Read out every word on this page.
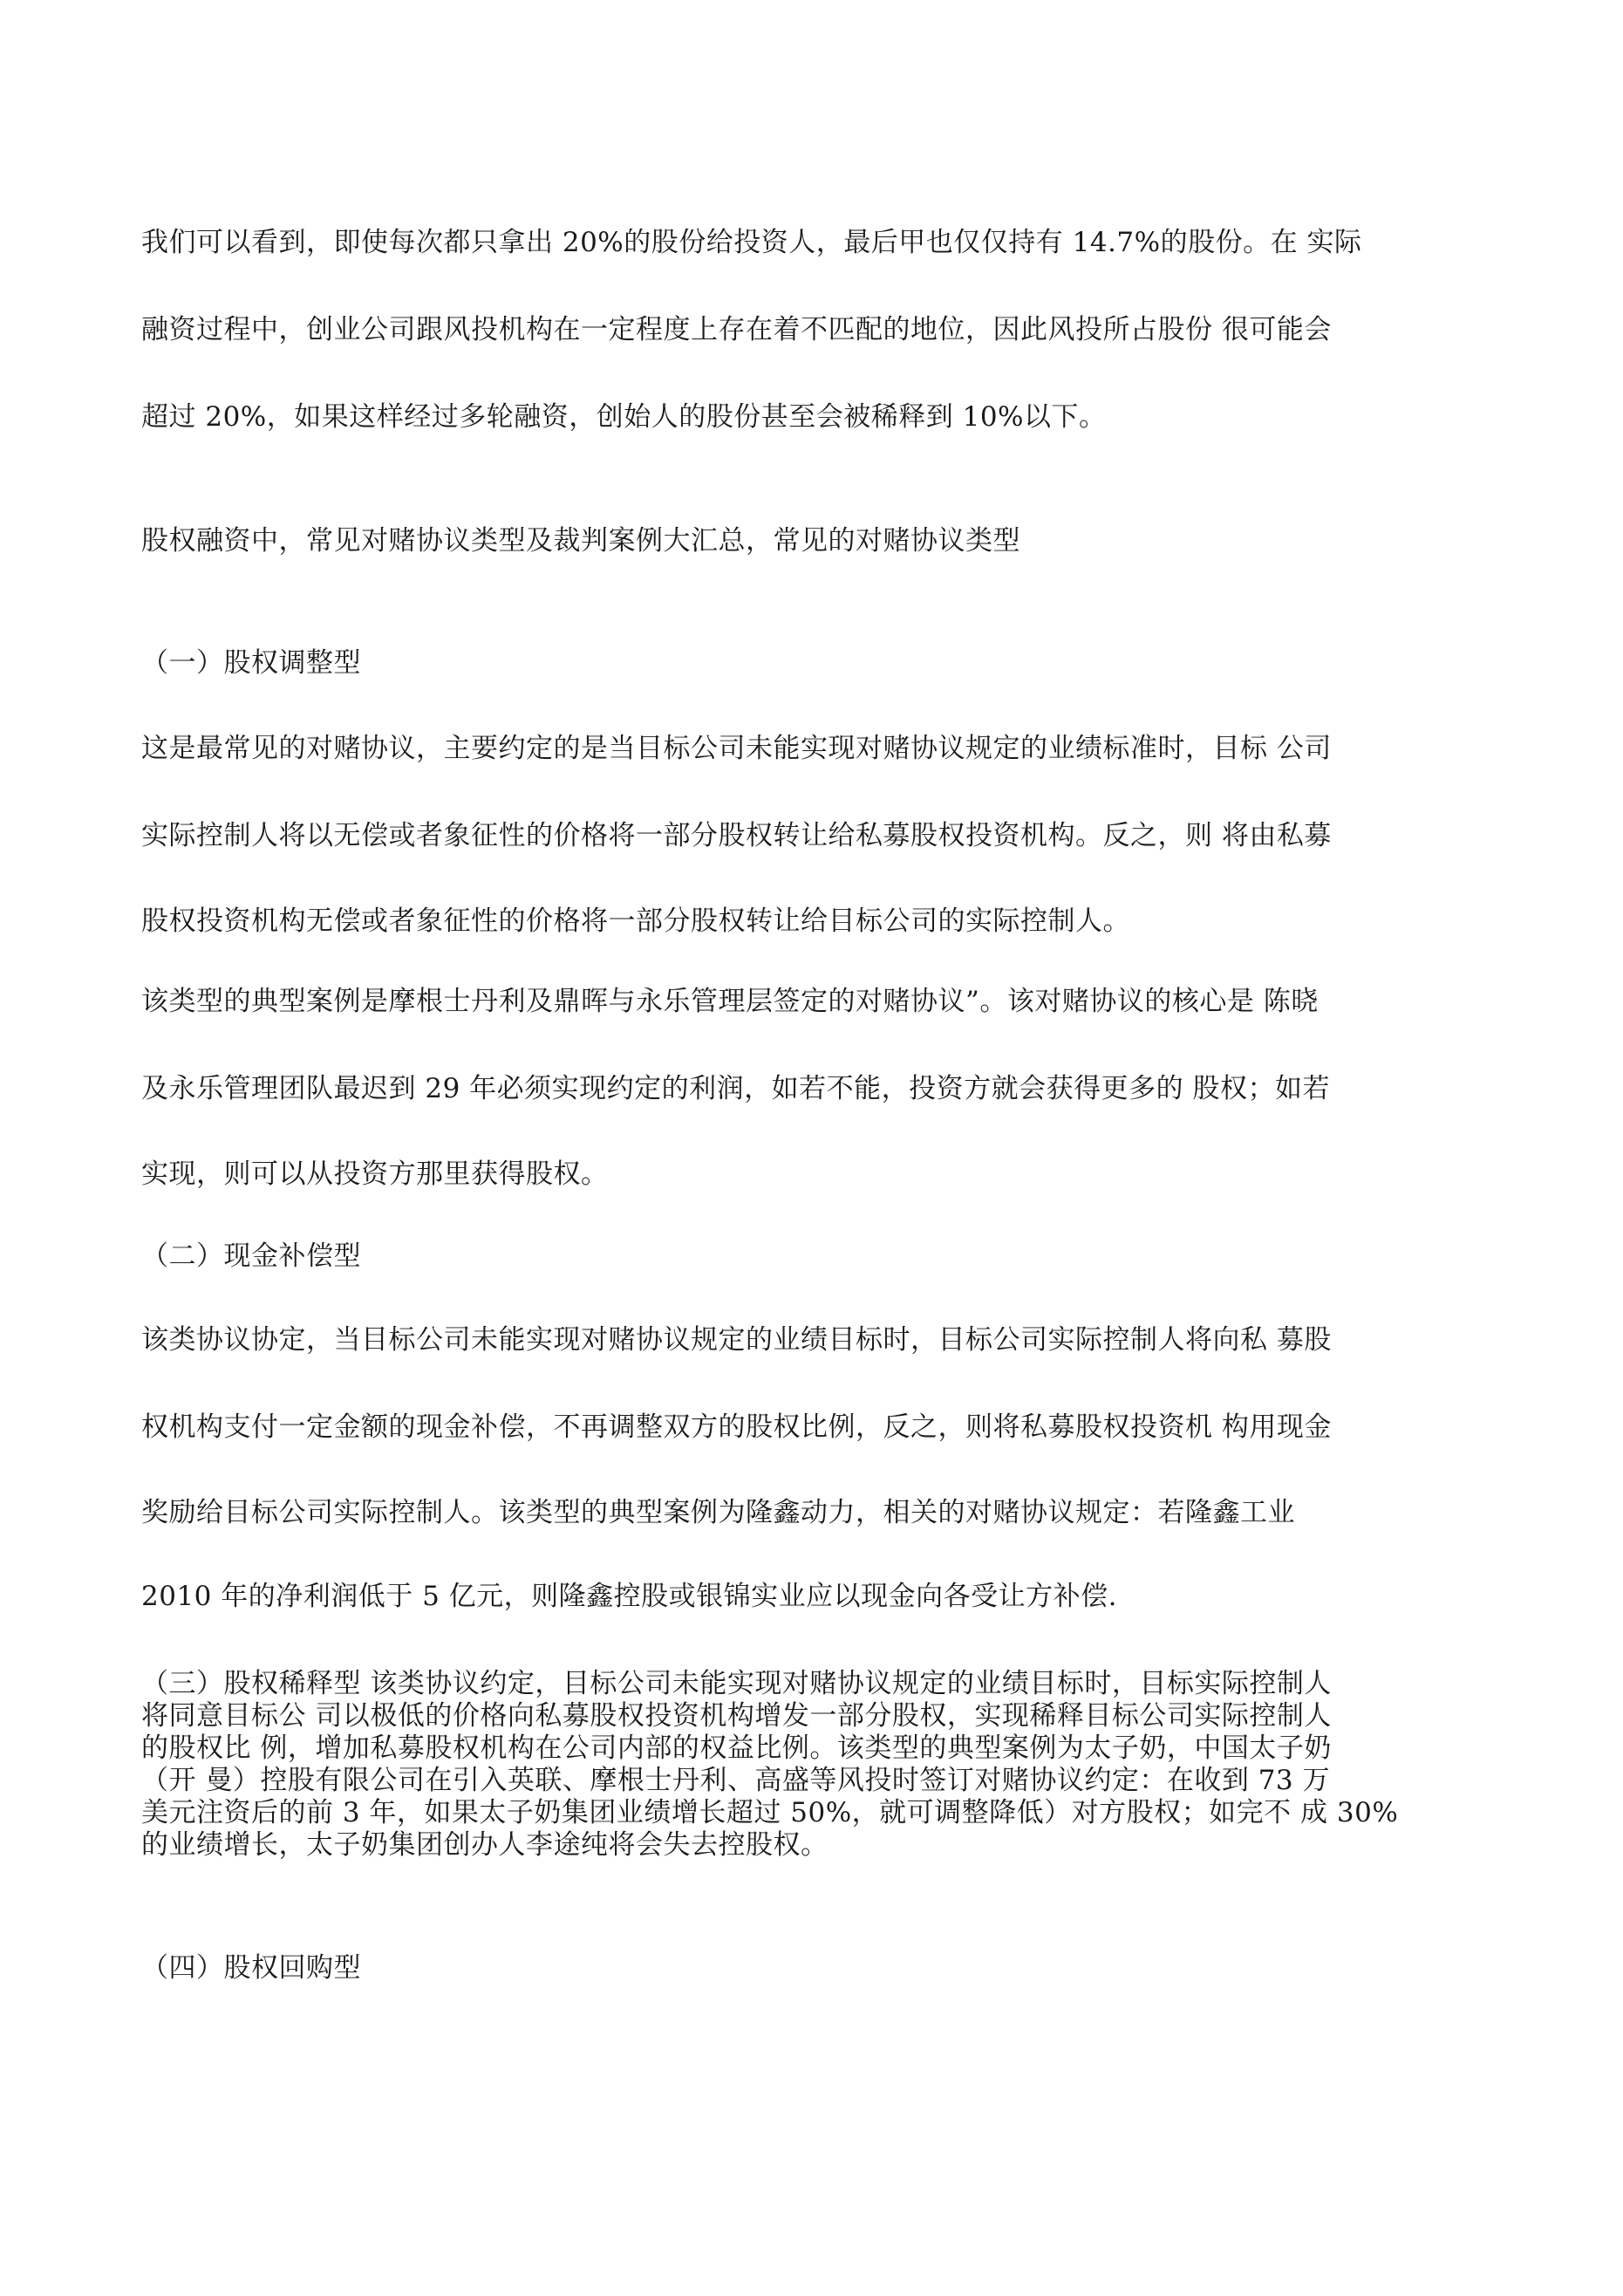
我们可以看到，即使每次都只拿出 20%的股份给投资人，最后甲也仅仅持有 14.7%的股份。在 实际

融资过程中，创业公司跟风投机构在一定程度上存在着不匹配的地位，因此风投所占股份 很可能会

超过 20%，如果这样经过多轮融资，创始人的股份甚至会被稀释到 10%以下。

股权融资中，常见对赌协议类型及裁判案例大汇总，常见的对赌协议类型

（一）股权调整型

这是最常见的对赌协议，主要约定的是当目标公司未能实现对赌协议规定的业绩标准时，目标 公司

实际控制人将以无偿或者象征性的价格将一部分股权转让给私募股权投资机构。反之，则 将由私募

股权投资机构无偿或者象征性的价格将一部分股权转让给目标公司的实际控制人。

该类型的典型案例是摩根士丹利及鼎晖与永乐管理层签定的对赌协议”。该对赌协议的核心是 陈晓

及永乐管理团队最迟到 29 年必须实现约定的利润，如若不能，投资方就会获得更多的 股权；如若

实现，则可以从投资方那里获得股权。

（二）现金补偿型

该类协议协定，当目标公司未能实现对赌协议规定的业绩目标时，目标公司实际控制人将向私 募股

权机构支付一定金额的现金补偿，不再调整双方的股权比例，反之，则将私募股权投资机 构用现金

奖励给目标公司实际控制人。该类型的典型案例为隆鑫动力，相关的对赌协议规定：若隆鑫工业

2010 年的净利润低于 5 亿元，则隆鑫控股或银锦实业应以现金向各受让方补偿.

（三）股权稀释型 该类协议约定，目标公司未能实现对赌协议规定的业绩目标时，目标实际控制人
将同意目标公 司以极低的价格向私募股权投资机构增发一部分股权，实现稀释目标公司实际控制人
的股权比 例，增加私募股权机构在公司内部的权益比例。该类型的典型案例为太子奶，中国太子奶
（开 曼）控股有限公司在引入英联、摩根士丹利、高盛等风投时签订对赌协议约定：在收到 73 万
美元注资后的前 3 年，如果太子奶集团业绩增长超过 50%，就可调整降低）对方股权；如完不 成 30%
的业绩增长，太子奶集团创办人李途纯将会失去控股权。

（四）股权回购型
